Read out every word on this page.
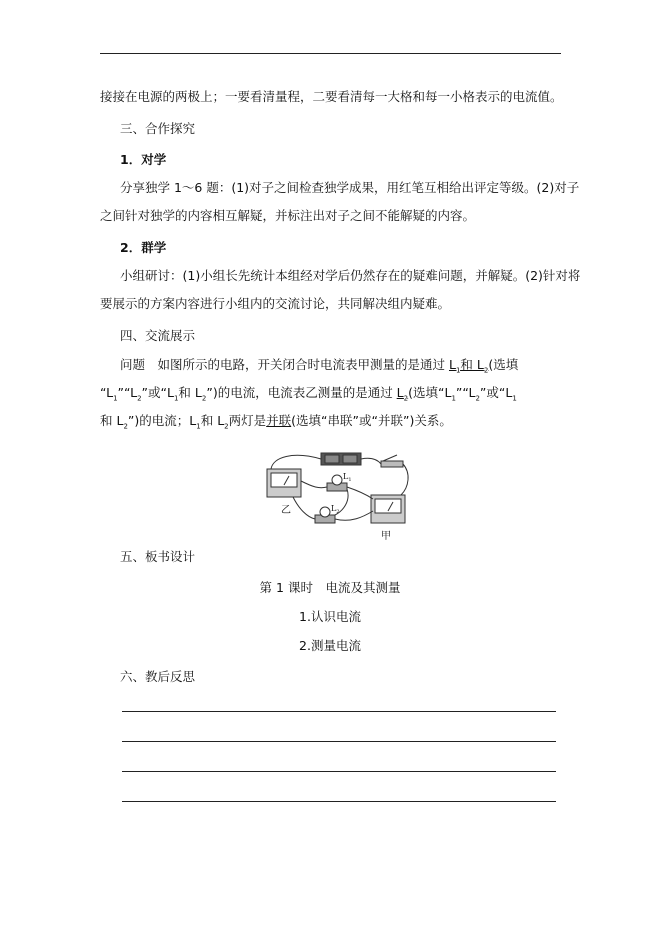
接接在电源的两极上；一要看清量程，二要看清每一大格和每一小格表示的电流值。
三、合作探究
1．对学
分享独学 1～6 题：(1)对子之间检查独学成果，用红笔互相给出评定等级。(2)对子
之间针对独学的内容相互解疑，并标注出对子之间不能解疑的内容。
2．群学
小组研讨：(1)小组长先统计本组经对学后仍然存在的疑难问题，并解疑。(2)针对将
要展示的方案内容进行小组内的交流讨论，共同解决组内疑难。
四、交流展示
问题　如图所示的电路，开关闭合时电流表甲测量的是通过 $L_1$和 $L_2$(选填
“$L_1”“L_2$”或“$L_1$和 $L_2$”)的电流，电流表乙测量的是通过 $L_2$(选填“$L_1”“L_2$”或“$L_1$
和 $L_2$”)的电流；$L_1$和 $L_2$两灯是并联(选填“串联”或“并联”)关系。
$L_1$
$L_2$
乙
甲
五、板书设计
第 1 课时　电流及其测量
1.认识电流
2.测量电流
六、教后反思
